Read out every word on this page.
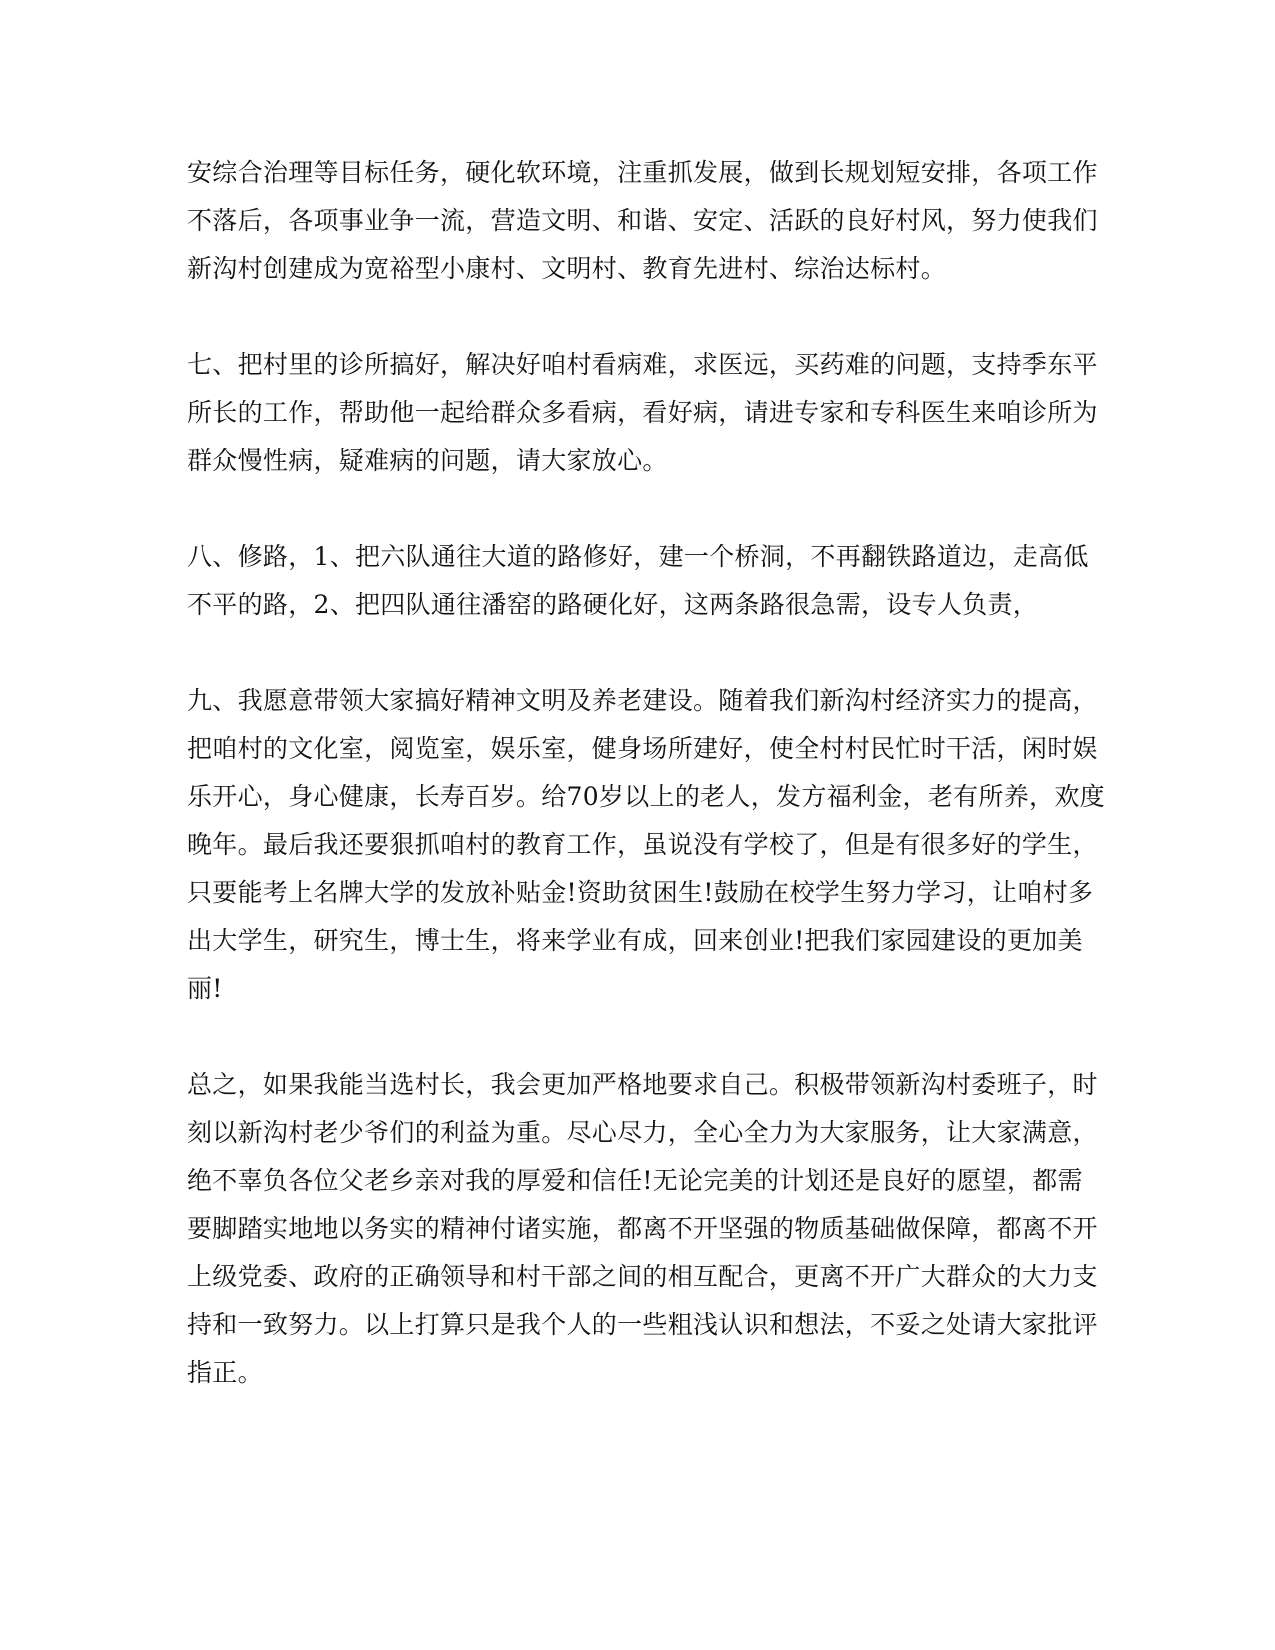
安综合治理等目标任务，硬化软环境，注重抓发展，做到长规划短安排，各项工作
不落后，各项事业争一流，营造文明、和谐、安定、活跃的良好村风，努力使我们
新沟村创建成为宽裕型小康村、文明村、教育先进村、综治达标村。
七、把村里的诊所搞好，解决好咱村看病难，求医远，买药难的问题，支持季东平
所长的工作，帮助他一起给群众多看病，看好病，请进专家和专科医生来咱诊所为
群众慢性病，疑难病的问题，请大家放心。
八、修路，1、把六队通往大道的路修好，建一个桥洞，不再翻铁路道边，走高低
不平的路，2、把四队通往潘窑的路硬化好，这两条路很急需，设专人负责，
九、我愿意带领大家搞好精神文明及养老建设。随着我们新沟村经济实力的提高，
把咱村的文化室，阅览室，娱乐室，健身场所建好，使全村村民忙时干活，闲时娱
乐开心，身心健康，长寿百岁。给70岁以上的老人，发方福利金，老有所养，欢度
晚年。最后我还要狠抓咱村的教育工作，虽说没有学校了，但是有很多好的学生，
只要能考上名牌大学的发放补贴金!资助贫困生!鼓励在校学生努力学习，让咱村多
出大学生，研究生，博士生，将来学业有成，回来创业!把我们家园建设的更加美
丽!
总之，如果我能当选村长，我会更加严格地要求自己。积极带领新沟村委班子，时
刻以新沟村老少爷们的利益为重。尽心尽力，全心全力为大家服务，让大家满意，
绝不辜负各位父老乡亲对我的厚爱和信任!无论完美的计划还是良好的愿望，都需
要脚踏实地地以务实的精神付诸实施，都离不开坚强的物质基础做保障，都离不开
上级党委、政府的正确领导和村干部之间的相互配合，更离不开广大群众的大力支
持和一致努力。以上打算只是我个人的一些粗浅认识和想法，不妥之处请大家批评
指正。
